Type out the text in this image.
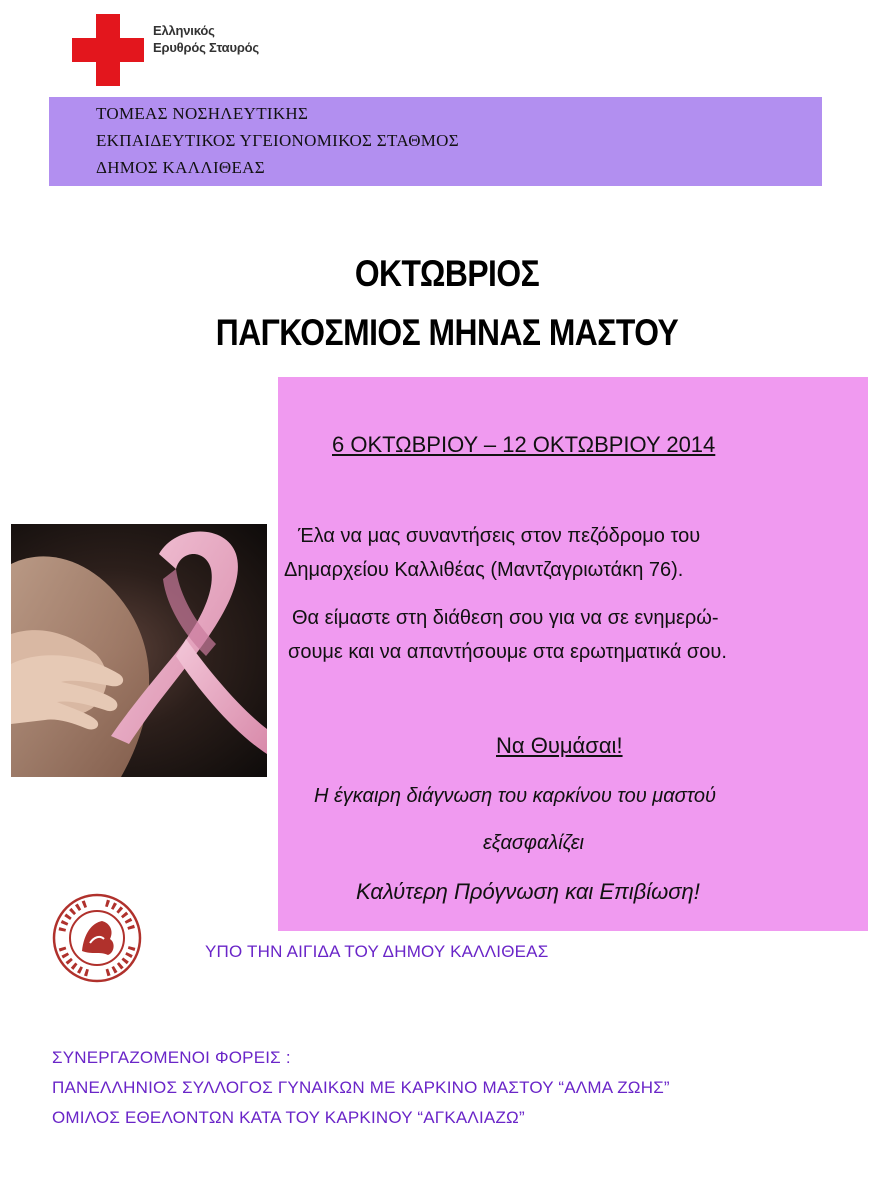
Ελληνικός
Ερυθρός Σταυρός
ΤΟΜΕΑΣ ΝΟΣΗΛΕΥΤΙΚΗΣ
ΕΚΠΑΙΔΕΥΤΙΚΟΣ ΥΓΕΙΟΝΟΜΙΚΟΣ ΣΤΑΘΜΟΣ
ΔΗΜΟΣ ΚΑΛΛΙΘΕΑΣ
ΟΚΤΩΒΡΙΟΣ
ΠΑΓΚΟΣΜΙΟΣ ΜΗΝΑΣ ΜΑΣΤΟΥ
6 ΟΚΤΩΒΡΙΟΥ – 12 ΟΚΤΩΒΡΙΟΥ 2014
Έλα να μας συναντήσεις στον πεζόδρομο του
Δημαρχείου Καλλιθέας (Μαντζαγριωτάκη 76).
Θα είμαστε στη διάθεση σου για να σε ενημερώ-
σουμε και να απαντήσουμε στα ερωτηματικά σου.
Να Θυμάσαι!
Η έγκαιρη διάγνωση του καρκίνου του μαστού
εξασφαλίζει
Καλύτερη Πρόγνωση και Επιβίωση!
ΥΠΟ ΤΗΝ ΑΙΓΙΔΑ ΤΟΥ ΔΗΜΟΥ ΚΑΛΛΙΘΕΑΣ
ΣΥΝΕΡΓΑΖΟΜΕΝΟΙ ΦΟΡΕΙΣ :
ΠΑΝΕΛΛΗΝΙΟΣ ΣΥΛΛΟΓΟΣ ΓΥΝΑΙΚΩΝ ΜΕ ΚΑΡΚΙΝΟ ΜΑΣΤΟΥ “ΑΛΜΑ ΖΩΗΣ”
ΟΜΙΛΟΣ ΕΘΕΛΟΝΤΩΝ ΚΑΤΑ ΤΟΥ ΚΑΡΚΙΝΟΥ “ΑΓΚΑΛΙΑΖΩ”
